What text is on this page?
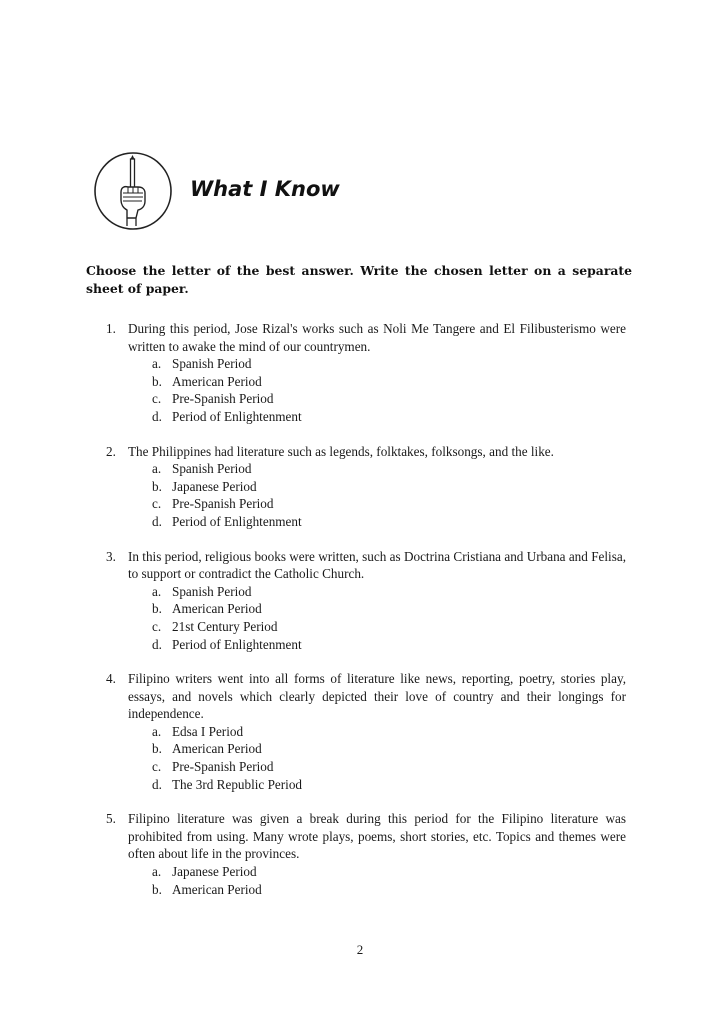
What I Know
Choose the letter of the best answer. Write the chosen letter on a separate sheet of paper.
1. During this period, Jose Rizal's works such as Noli Me Tangere and El Filibusterismo were written to awake the mind of our countrymen.
a. Spanish Period
b. American Period
c. Pre-Spanish Period
d. Period of Enlightenment
2. The Philippines had literature such as legends, folktakes, folksongs, and the like.
a. Spanish Period
b. Japanese Period
c. Pre-Spanish Period
d. Period of Enlightenment
3. In this period, religious books were written, such as Doctrina Cristiana and Urbana and Felisa, to support or contradict the Catholic Church.
a. Spanish Period
b. American Period
c. 21st Century Period
d. Period of Enlightenment
4. Filipino writers went into all forms of literature like news, reporting, poetry, stories play, essays, and novels which clearly depicted their love of country and their longings for independence.
a. Edsa I Period
b. American Period
c. Pre-Spanish Period
d. The 3rd Republic Period
5. Filipino literature was given a break during this period for the Filipino literature was prohibited from using. Many wrote plays, poems, short stories, etc. Topics and themes were often about life in the provinces.
a. Japanese Period
b. American Period
2
